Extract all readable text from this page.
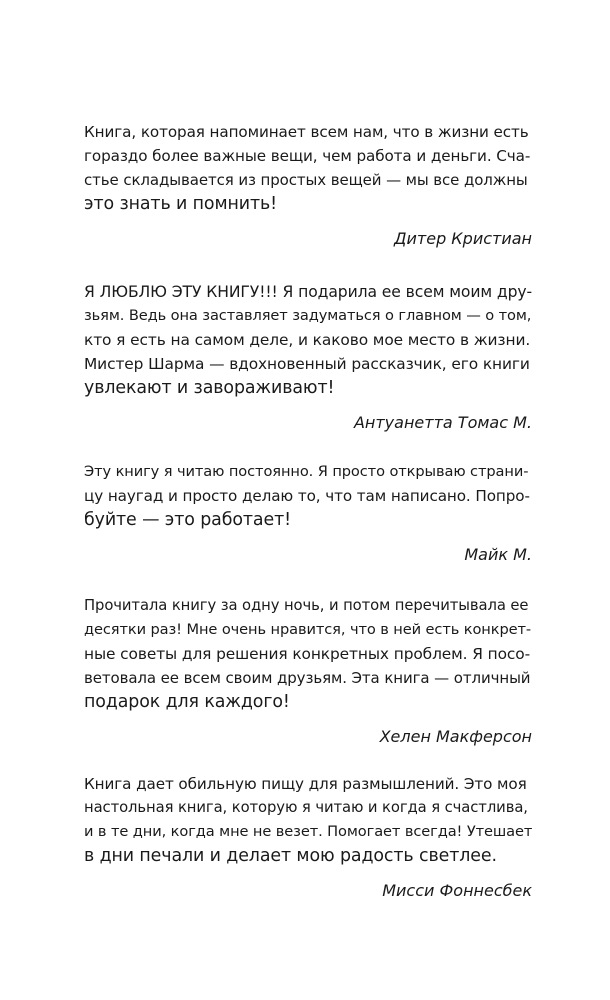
Книга, которая напоминает всем нам, что в жизни есть
гораздо более важные вещи, чем работа и деньги. Сча-
стье складывается из простых вещей — мы все должны
это знать и помнить!

Дитер Кристиан

Я ЛЮБЛЮ ЭТУ КНИГУ!!! Я подарила ее всем моим дру-
зьям. Ведь она заставляет задуматься о главном — о том,
кто я есть на самом деле, и каково мое место в жизни.
Мистер Шарма — вдохновенный рассказчик, его книги
увлекают и завораживают!

Антуанетта Томас М.

Эту книгу я читаю постоянно. Я просто открываю страни-
цу наугад и просто делаю то, что там написано. Попро-
буйте — это работает!

Майк М.

Прочитала книгу за одну ночь, и потом перечитывала ее
десятки раз! Мне очень нравится, что в ней есть конкрет-
ные советы для решения конкретных проблем. Я посо-
ветовала ее всем своим друзьям. Эта книга — отличный
подарок для каждого!

Хелен Макферсон

Книга дает обильную пищу для размышлений. Это моя
настольная книга, которую я читаю и когда я счастлива,
и в те дни, когда мне не везет. Помогает всегда! Утешает
в дни печали и делает мою радость светлее.

Мисси Фоннесбек
